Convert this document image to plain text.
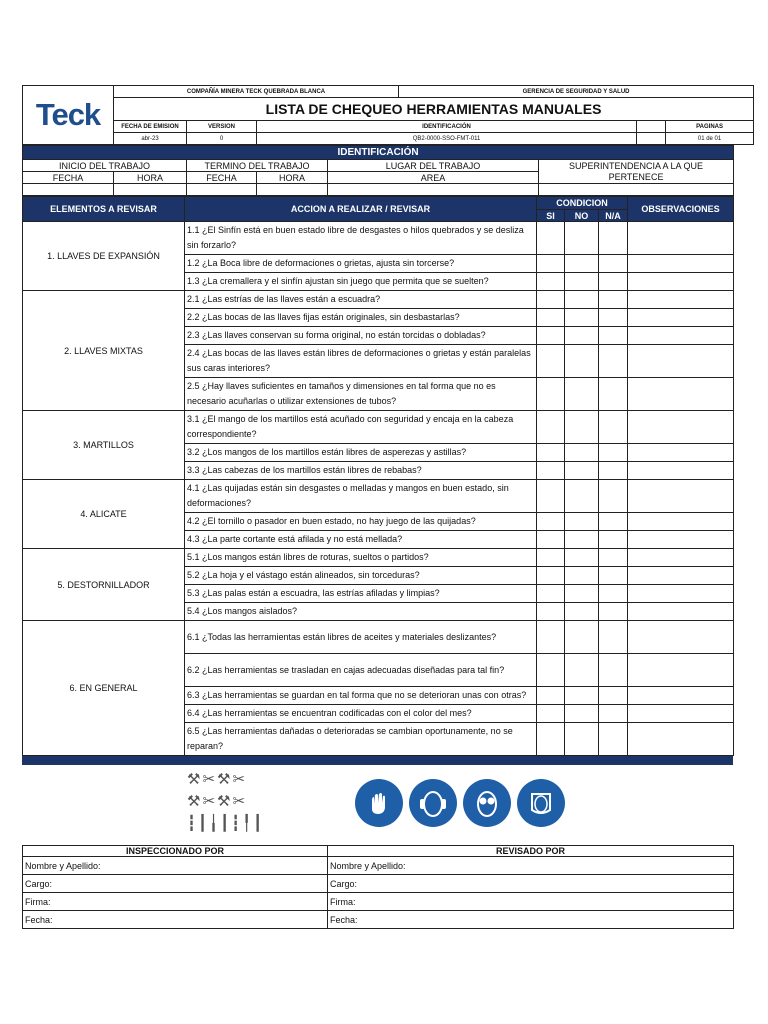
Teck	COMPAÑÍA MINERA TECK QUEBRADA BLANCA			GERENCIA DE SEGURIDAD Y SALUD		
	LISTA DE CHEQUEO HERRAMIENTAS MANUALES					
	FECHA DE EMISION	VERSION	IDENTIFICACIÓN			PAGINAS
	abr-23	0	QB2-0000-SSO-FMT-011			01 de 01
IDENTIFICACIÓN					
INICIO DEL TRABAJO		TERMINO DEL TRABAJO		LUGAR DEL TRABAJO	SUPERINTENDENCIA A LA QUE
FECHA	HORA	FECHA	HORA	AREA	PERTENECE

ELEMENTOS A REVISAR	ACCION A REALIZAR / REVISAR	CONDICION			OBSERVACIONES
		SI	NO	N/A	
1. LLAVES DE EXPANSIÓN	1.1 ¿El Sinfín está en buen estado libre de desgastes o hilos quebrados y se desliza sin forzarlo?				
	1.2 ¿La Boca libre de deformaciones o grietas, ajusta sin torcerse?				
	1.3 ¿La cremallera y el sinfín ajustan sin juego que permita que se suelten?				
2. LLAVES MIXTAS	2.1 ¿Las estrías de las llaves están a escuadra?				
	2.2 ¿Las bocas de las llaves fijas están originales, sin desbastarlas?				
	2.3 ¿Las llaves conservan su forma original, no están torcidas o dobladas?				
	2.4 ¿Las bocas de las llaves están libres de deformaciones o grietas y están paralelas sus caras interiores?				
	2.5 ¿Hay llaves suficientes en tamaños y dimensiones en tal forma que no es necesario acuñarlas o utilizar extensiones de tubos?				
3. MARTILLOS	3.1 ¿El mango de los martillos está acuñado con seguridad y encaja en la cabeza correspondiente?				
	3.2 ¿Los mangos de los martillos están libres de asperezas y astillas?				
	3.3 ¿Las cabezas de los martillos están libres de rebabas?				
4. ALICATE	4.1 ¿Las quijadas están sin desgastes o melladas y mangos en buen estado, sin deformaciones?				
	4.2 ¿El tornillo o pasador en buen estado, no hay juego de las quijadas?				
	4.3 ¿La parte cortante está afilada y no está mellada?				
5. DESTORNILLADOR	5.1 ¿Los mangos están libres de roturas, sueltos o partidos?				
	5.2 ¿La hoja y el vástago están alineados, sin torceduras?				
	5.3 ¿Las palas están a escuadra, las estrías afiladas y limpias?				
	5.4 ¿Los mangos aislados?				
6. EN GENERAL	6.1 ¿Todas las herramientas están libres de aceites y materiales deslizantes?				
	6.2 ¿Las herramientas se trasladan en cajas adecuadas diseñadas para tal fin?				
	6.3 ¿Las herramientas se guardan en tal forma que no se deterioran unas con otras?				
	6.4 ¿Las herramientas se encuentran codificadas con el color del mes?				
	6.5 ¿Las herramientas dañadas o deterioradas se cambian oportunamente, no se reparan?				
⚒✂⚒✂
⚒✂⚒✂
┇┃╽┃┇╿┃
INSPECCIONADO POR	REVISADO POR
Nombre y Apellido:	Nombre y Apellido:
Cargo:	Cargo:
Firma:	Firma:
Fecha:	Fecha:
